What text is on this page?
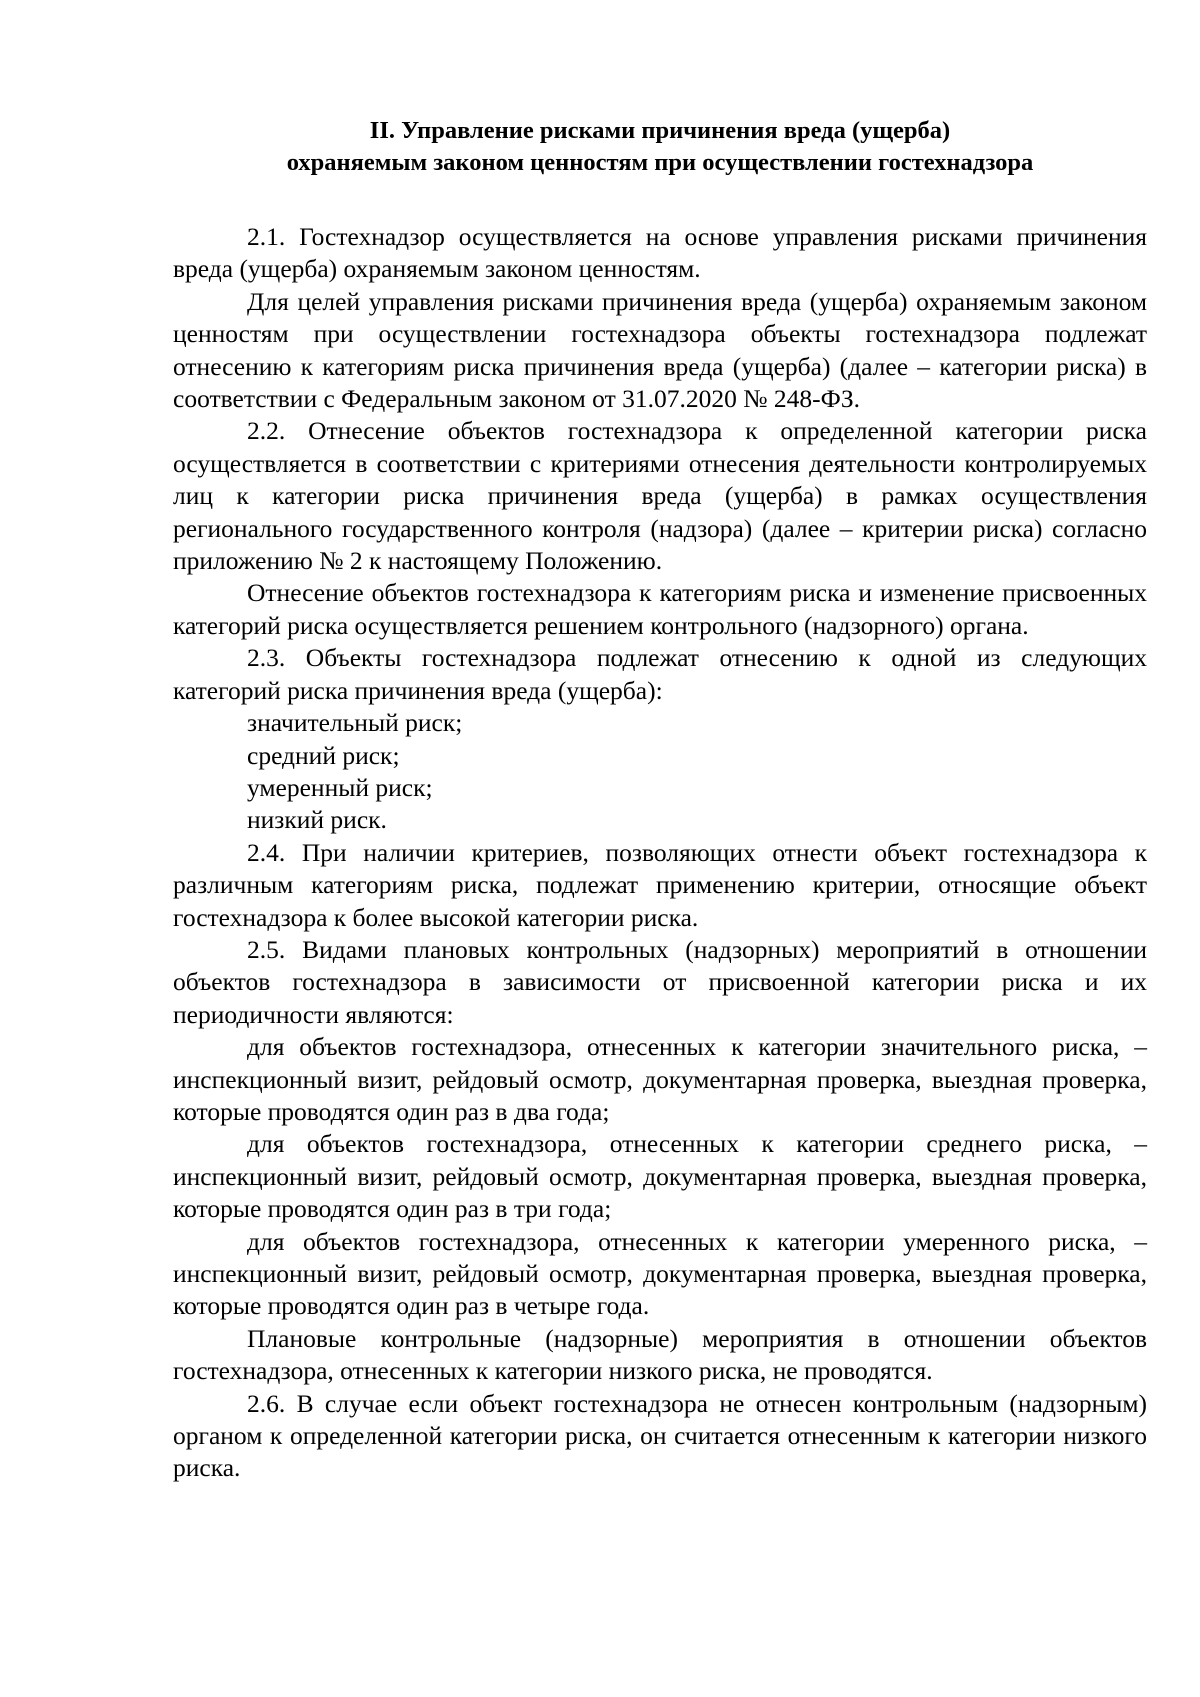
II. Управление рисками причинения вреда (ущерба)
охраняемым законом ценностям при осуществлении гостехнадзора

2.1. Гостехнадзор осуществляется на основе управления рисками причинения вреда (ущерба) охраняемым законом ценностям.

Для целей управления рисками причинения вреда (ущерба) охраняемым законом ценностям при осуществлении гостехнадзора объекты гостехнадзора подлежат отнесению к категориям риска причинения вреда (ущерба) (далее – категории риска) в соответствии с Федеральным законом от 31.07.2020 № 248-ФЗ.

2.2. Отнесение объектов гостехнадзора к определенной категории риска осуществляется в соответствии с критериями отнесения деятельности контролируемых лиц к категории риска причинения вреда (ущерба) в рамках осуществления регионального государственного контроля (надзора) (далее – критерии риска) согласно приложению № 2 к настоящему Положению.

Отнесение объектов гостехнадзора к категориям риска и изменение присвоенных категорий риска осуществляется решением контрольного (надзорного) органа.

2.3. Объекты гостехнадзора подлежат отнесению к одной из следующих категорий риска причинения вреда (ущерба):

значительный риск;

средний риск;

умеренный риск;

низкий риск.

2.4. При наличии критериев, позволяющих отнести объект гостехнадзора к различным категориям риска, подлежат применению критерии, относящие объект гостехнадзора к более высокой категории риска.

2.5. Видами плановых контрольных (надзорных) мероприятий в отношении объектов гостехнадзора в зависимости от присвоенной категории риска и их периодичности являются:

для объектов гостехнадзора, отнесенных к категории значительного риска, – инспекционный визит, рейдовый осмотр, документарная проверка, выездная проверка, которые проводятся один раз в два года;

для объектов гостехнадзора, отнесенных к категории среднего риска, – инспекционный визит, рейдовый осмотр, документарная проверка, выездная проверка, которые проводятся один раз в три года;

для объектов гостехнадзора, отнесенных к категории умеренного риска, – инспекционный визит, рейдовый осмотр, документарная проверка, выездная проверка, которые проводятся один раз в четыре года.

Плановые контрольные (надзорные) мероприятия в отношении объектов гостехнадзора, отнесенных к категории низкого риска, не проводятся.

2.6. В случае если объект гостехнадзора не отнесен контрольным (надзорным) органом к определенной категории риска, он считается отнесенным к категории низкого риска.
